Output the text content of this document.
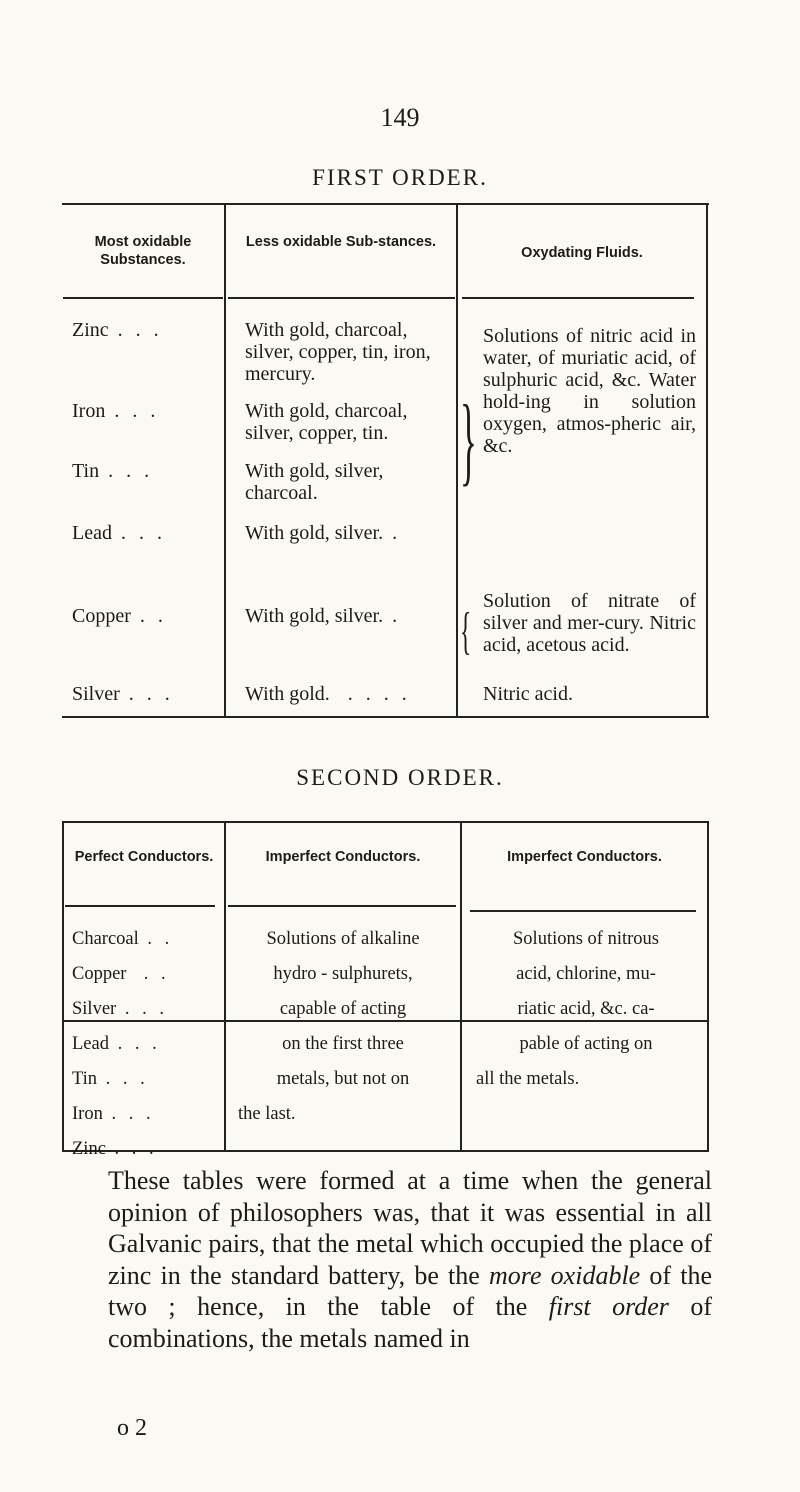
149
FIRST ORDER.
Most oxidable Substances.
Less oxidable Sub-stances.
Oxydating Fluids.
Zinc . . .
Iron . . .
Tin . . .
Lead . . .
Copper . .
Silver . . .
With gold, charcoal, silver, copper, tin, iron, mercury.
With gold, charcoal, silver, copper, tin.
With gold, silver, charcoal.
With gold, silver. .
With gold, silver. .
With gold.  . . . .
}
{
Solutions of nitric acid in water, of muriatic acid, of sulphuric acid, &c. Water hold-ing in solution oxygen, atmos-pheric air, &c.
Solution of nitrate of silver and mer-cury. Nitric acid, acetous acid.
Nitric acid.
SECOND ORDER.
Perfect Conductors.	Imperfect Conductors.	Imperfect Conductors.
Charcoal . .
Copper  . .
Silver . . .
Lead . . .
Tin . . .
Iron . . .
Zinc . . .
Solutions of alkaline
hydro - sulphurets,
capable of acting
on the first three
metals, but not on
the last.
Solutions of nitrous
acid, chlorine, mu-
riatic acid, &c. ca-
pable of acting on
all the metals.

These tables were formed at a time when the general opinion of philosophers was, that it was essential in all Galvanic pairs, that the metal which occupied the place of zinc in the standard battery, be the more oxidable of the two ; hence, in the table of the first order of combinations, the metals named in

o 2
